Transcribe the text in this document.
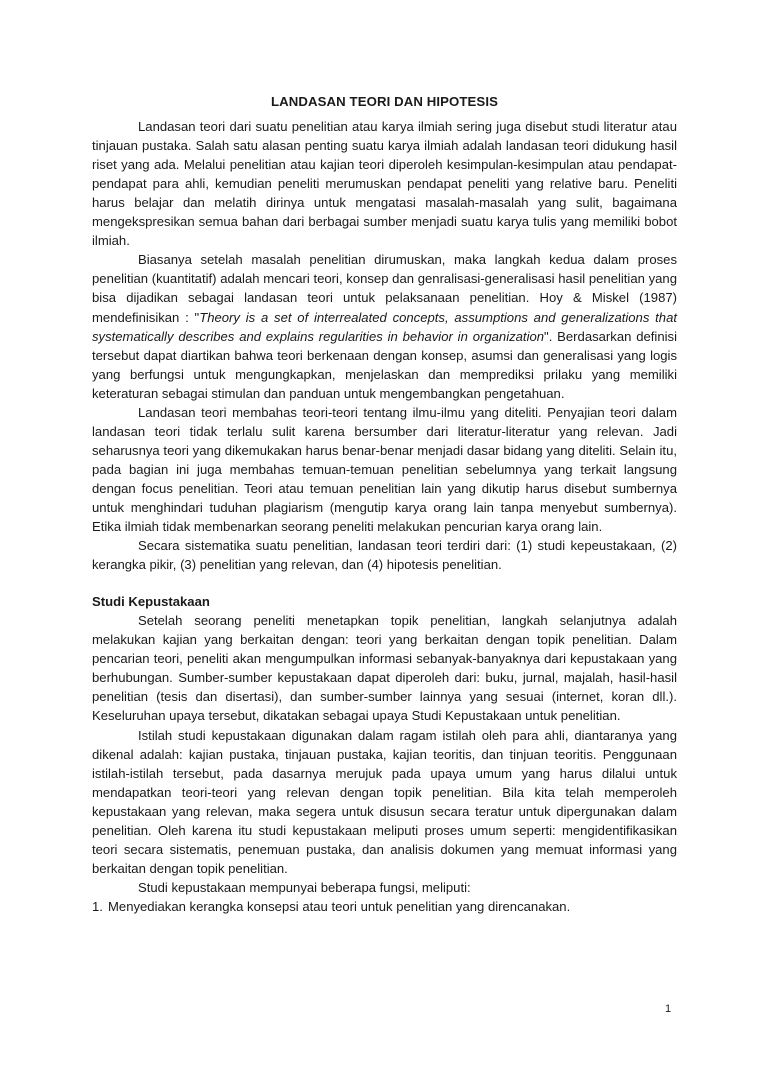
LANDASAN TEORI DAN HIPOTESIS

Landasan teori dari suatu penelitian atau karya ilmiah sering juga disebut studi literatur atau tinjauan pustaka. Salah satu alasan penting suatu karya ilmiah adalah landasan teori didukung hasil riset yang ada. Melalui penelitian atau kajian teori diperoleh kesimpulan-kesimpulan atau pendapat-pendapat para ahli, kemudian peneliti merumuskan pendapat peneliti yang relative baru. Peneliti harus belajar dan melatih dirinya untuk mengatasi masalah-masalah yang sulit, bagaimana mengekspresikan semua bahan dari berbagai sumber menjadi suatu karya tulis yang memiliki bobot ilmiah.

Biasanya setelah masalah penelitian dirumuskan, maka langkah kedua dalam proses penelitian (kuantitatif) adalah mencari teori, konsep dan genralisasi-generalisasi hasil penelitian yang bisa dijadikan sebagai landasan teori untuk pelaksanaan penelitian. Hoy & Miskel (1987) mendefinisikan : "Theory is a set of interrealated concepts, assumptions and generalizations that systematically describes and explains regularities in behavior in organization". Berdasarkan definisi tersebut dapat diartikan bahwa teori berkenaan dengan konsep, asumsi dan generalisasi yang logis yang berfungsi untuk mengungkapkan, menjelaskan dan memprediksi prilaku yang memiliki keteraturan sebagai stimulan dan panduan untuk mengembangkan pengetahuan.

Landasan teori membahas teori-teori tentang ilmu-ilmu yang diteliti. Penyajian teori dalam landasan teori tidak terlalu sulit karena bersumber dari literatur-literatur yang relevan. Jadi seharusnya teori yang dikemukakan harus benar-benar menjadi dasar bidang yang diteliti. Selain itu, pada bagian ini juga membahas temuan-temuan penelitian sebelumnya yang terkait langsung dengan focus penelitian. Teori atau temuan penelitian lain yang dikutip harus disebut sumbernya untuk menghindari tuduhan plagiarism (mengutip karya orang lain tanpa menyebut sumbernya). Etika ilmiah tidak membenarkan seorang peneliti melakukan pencurian karya orang lain.

Secara sistematika suatu penelitian, landasan teori terdiri dari: (1) studi kepeustakaan, (2) kerangka pikir, (3) penelitian yang relevan, dan (4) hipotesis penelitian.

Studi Kepustakaan

Setelah seorang peneliti menetapkan topik penelitian, langkah selanjutnya adalah melakukan kajian yang berkaitan dengan: teori yang berkaitan dengan topik penelitian. Dalam pencarian teori, peneliti akan mengumpulkan informasi sebanyak-banyaknya dari kepustakaan yang berhubungan. Sumber-sumber kepustakaan dapat diperoleh dari: buku, jurnal, majalah, hasil-hasil penelitian (tesis dan disertasi), dan sumber-sumber lainnya yang sesuai (internet, koran dll.). Keseluruhan upaya tersebut, dikatakan sebagai upaya Studi Kepustakaan untuk penelitian.

Istilah studi kepustakaan digunakan dalam ragam istilah oleh para ahli, diantaranya yang dikenal adalah: kajian pustaka, tinjauan pustaka, kajian teoritis, dan tinjuan teoritis. Penggunaan istilah-istilah tersebut, pada dasarnya merujuk pada upaya umum yang harus dilalui untuk mendapatkan teori-teori yang relevan dengan topik penelitian. Bila kita telah memperoleh kepustakaan yang relevan, maka segera untuk disusun secara teratur untuk dipergunakan dalam penelitian. Oleh karena itu studi kepustakaan meliputi proses umum seperti: mengidentifikasikan teori secara sistematis, penemuan pustaka, dan analisis dokumen yang memuat informasi yang berkaitan dengan topik penelitian.

Studi kepustakaan mempunyai beberapa fungsi, meliputi:

1. Menyediakan kerangka konsepsi atau teori untuk penelitian yang direncanakan.
1
